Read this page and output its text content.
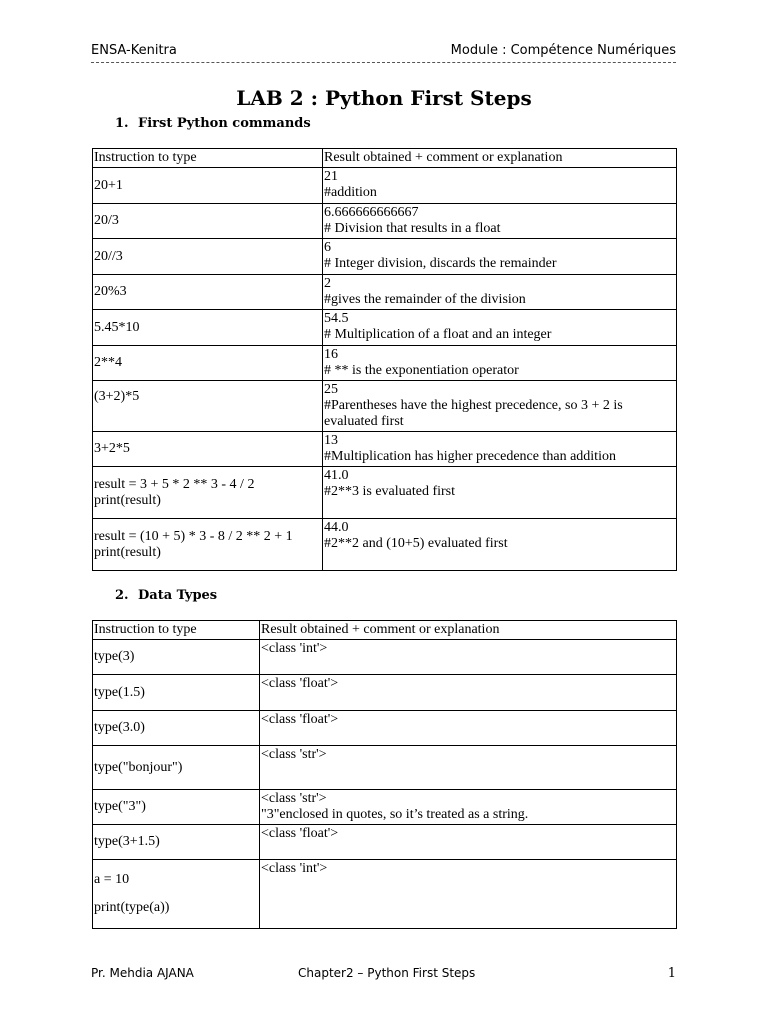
ENSA-Kenitra	Module : Compétence Numériques
LAB 2 : Python First Steps
1. First Python commands
Instruction to type	Result obtained + comment or explanation

20+1	21
#addition

20/3	6.666666666667
# Division that results in a float

20//3	6
# Integer division, discards the remainder

20%3	2
#gives the remainder of the division

5.45*10	54.5
# Multiplication of a float and an integer

2**4	16
# ** is the exponentiation operator

(3+2)*5	25
#Parentheses have the highest precedence, so 3 + 2 is evaluated first

3+2*5	13
#Multiplication has higher precedence than addition

result = 3 + 5 * 2 ** 3 - 4 / 2
print(result)	41.0
#2**3 is evaluated first

result = (10 + 5) * 3 - 8 / 2 ** 2 + 1
print(result)	44.0
#2**2 and (10+5) evaluated first
2. Data Types
Instruction to type	Result obtained + comment or explanation

type(3)	<class 'int'>

type(1.5)	<class 'float'>

type(3.0)	<class 'float'>

type("bonjour")	<class 'str'>

type("3")	<class 'str'>
"3"enclosed in quotes, so it’s treated as a string.

type(3+1.5)	<class 'float'>

a = 10
print(type(a))	<class 'int'>
Pr. Mehdia AJANA	Chapter2 – Python First Steps	1
